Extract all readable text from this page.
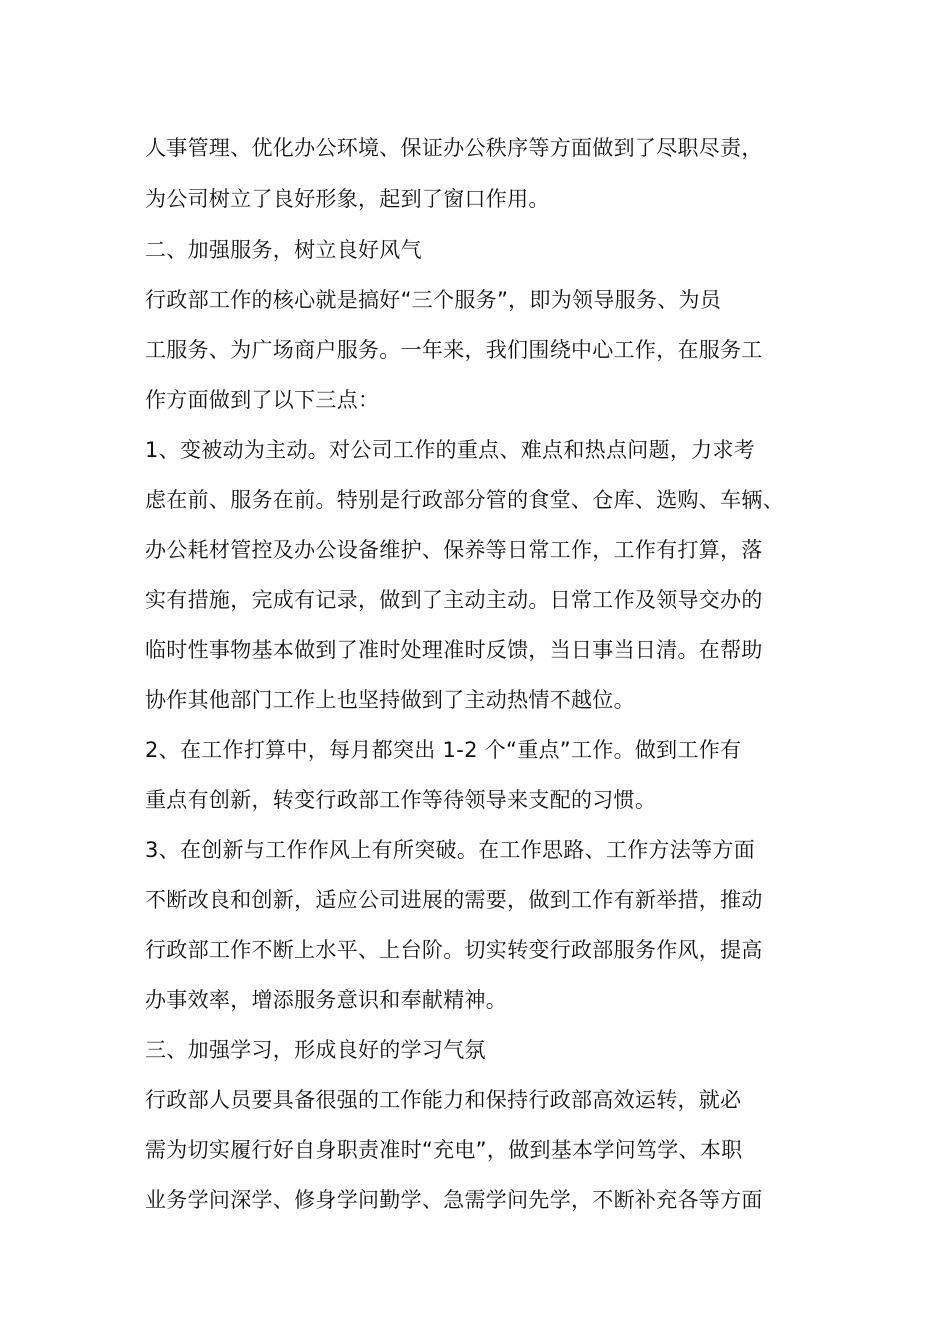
人事管理、优化办公环境、保证办公秩序等方面做到了尽职尽责，
为公司树立了良好形象，起到了窗口作用。
二、加强服务，树立良好风气
行政部工作的核心就是搞好“三个服务”，即为领导服务、为员
工服务、为广场商户服务。一年来，我们围绕中心工作，在服务工
作方面做到了以下三点：
1、变被动为主动。对公司工作的重点、难点和热点问题，力求考
虑在前、服务在前。特别是行政部分管的食堂、仓库、选购、车辆、
办公耗材管控及办公设备维护、保养等日常工作，工作有打算，落
实有措施，完成有记录，做到了主动主动。日常工作及领导交办的
临时性事物基本做到了准时处理准时反馈，当日事当日清。在帮助
协作其他部门工作上也坚持做到了主动热情不越位。
2、在工作打算中，每月都突出 1-2 个“重点”工作。做到工作有
重点有创新，转变行政部工作等待领导来支配的习惯。
3、在创新与工作作风上有所突破。在工作思路、工作方法等方面
不断改良和创新，适应公司进展的需要，做到工作有新举措，推动
行政部工作不断上水平、上台阶。切实转变行政部服务作风，提高
办事效率，增添服务意识和奉献精神。
三、加强学习，形成良好的学习气氛
行政部人员要具备很强的工作能力和保持行政部高效运转，就必
需为切实履行好自身职责准时“充电”，做到基本学问笃学、本职
业务学问深学、修身学问勤学、急需学问先学，不断补充各等方面
